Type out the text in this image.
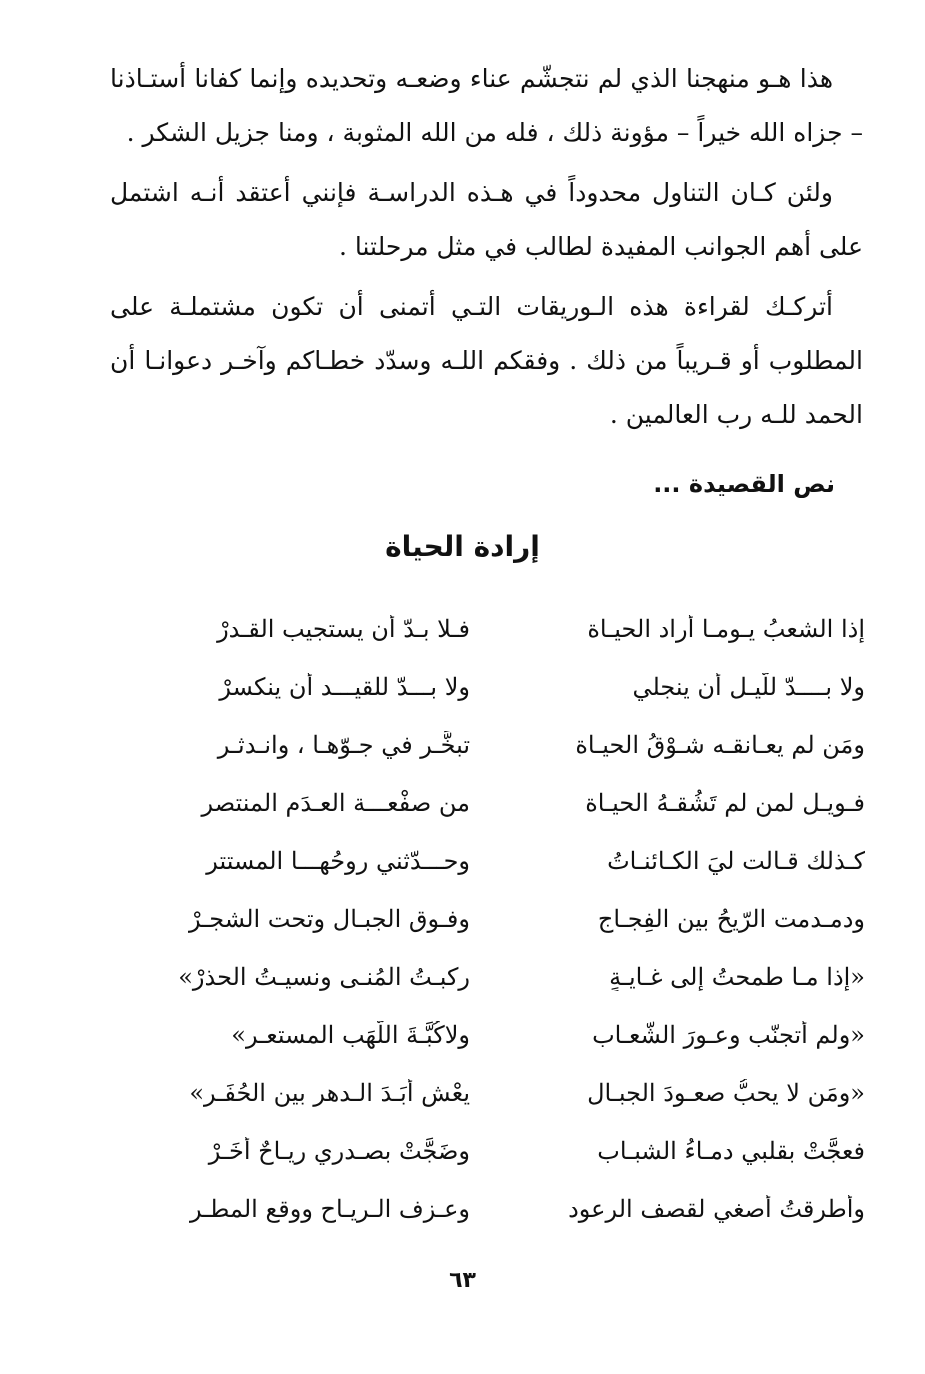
هذا هـو منهجنا الذي لم نتجشّم عناء وضعـه وتحديده وإنما كفانا أستـاذنا – جزاه الله خيراً – مؤونة ذلك ، فله من الله المثوبة ، ومنا جزيل الشكر .

ولئن كـان التناول محدوداً في هـذه الدراسـة فإنني أعتقد أنـه اشتمل على أهم الجوانب المفيدة لطالب في مثل مرحلتنا .

أتركـك لقراءة هذه الـوريقات التـي أتمنى أن تكون مشتملـة على المطلوب أو قـريباً من ذلك . وفقكم اللـه وسدّد خطـاكم وآخـر دعوانـا أن الحمد للـه رب العالمين .

نص القصيدة ...
إرادة الحياة
إذا الشعبُ يـومـا أراد الحيـاة
فـلا بـدّ أن يستجيب القـدرْ
ولا بــــدّ للّيـل أن ينجلي
ولا بـــدّ للقيـــد أن ينكسرْ
ومَن لم يعـانقـه شـوْقُ الحيـاة
تبخَّـر في جـوّهـا ، وانـدثـر
فـويـل لمن لم تَشُقـهُ الحيـاة
من صفْعـــة العـدَم المنتصر
كـذلك قـالت ليَ الكـائنـاتُ
وحـــدّثني روحُهـــا المستتر
ودمـدمت الرّيحُ بين الفِجـاج
وفـوق الجبـال وتحت الشجـرْ
«إذا مـا طمحتُ إلى غـايـةٍ
ركبـتُ المُنـى ونسيـتُ الحذرْ»
«ولم أتجنّب وعـورَ الشّعـاب
ولاكُبَّـةَ اللّهَب المستعـر»
«ومَن لا يحبُّ صعـودَ الجبـال
يعْش أبَـدَ الـدهر بين الحُفَـر»
فعجَّتْ بقلبي دمـاءُ الشبـاب
وضَجَّتْ بصـدري ريـاحٌ أُخَـرْ
وأطرقتُ أُصغي لقصف الرعود
وعـزف الـريـاح ووقع المطـر
٦٣
